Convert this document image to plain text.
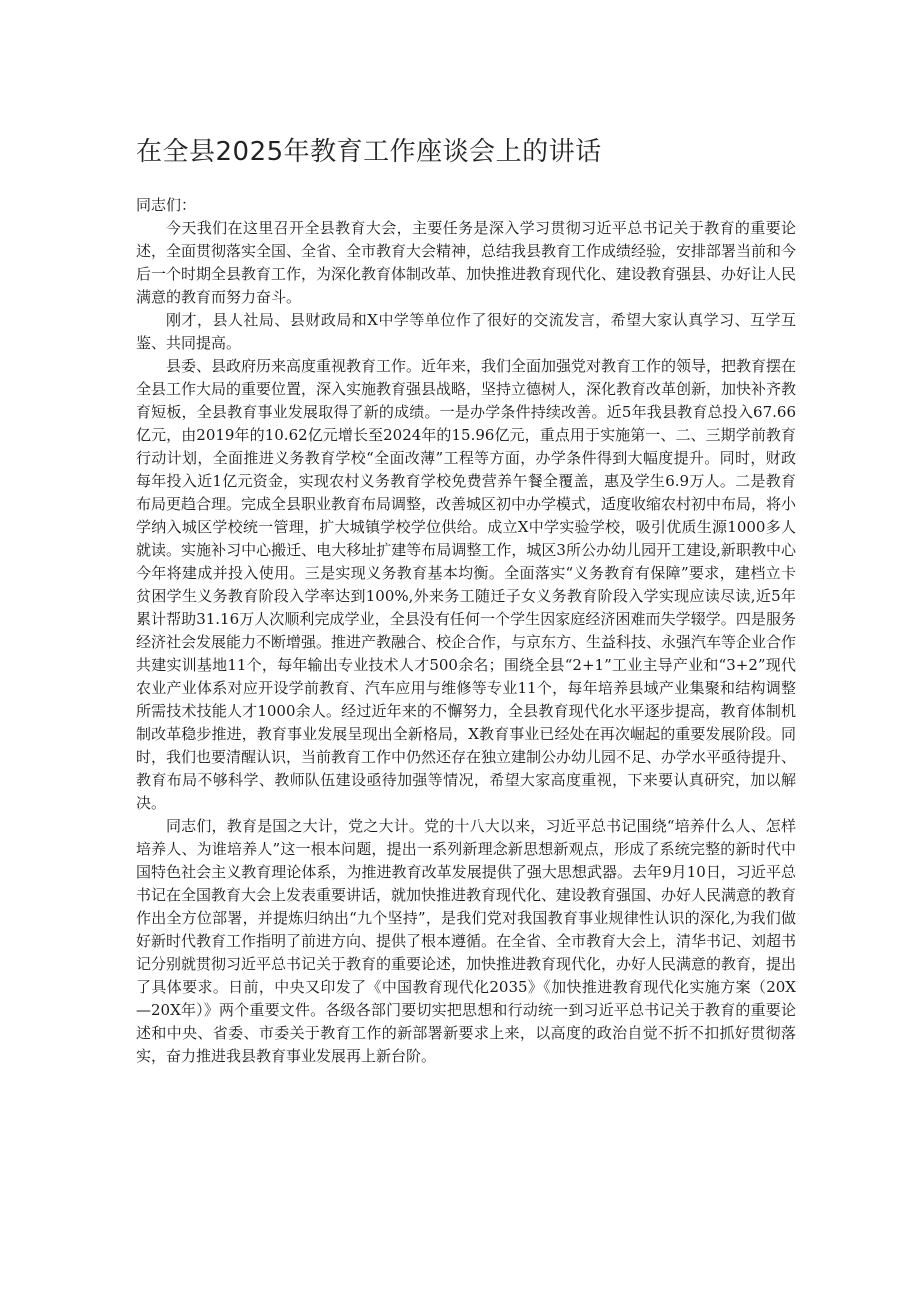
在全县2025年教育工作座谈会上的讲话

同志们：

今天我们在这里召开全县教育大会，主要任务是深入学习贯彻习近平总书记关于教育的重要论述，全面贯彻落实全国、全省、全市教育大会精神，总结我县教育工作成绩经验，安排部署当前和今后一个时期全县教育工作，为深化教育体制改革、加快推进教育现代化、建设教育强县、办好让人民满意的教育而努力奋斗。

刚才，县人社局、县财政局和X中学等单位作了很好的交流发言，希望大家认真学习、互学互鉴、共同提高。

县委、县政府历来高度重视教育工作。近年来，我们全面加强党对教育工作的领导，把教育摆在全县工作大局的重要位置，深入实施教育强县战略，坚持立德树人，深化教育改革创新，加快补齐教育短板，全县教育事业发展取得了新的成绩。一是办学条件持续改善。近5年我县教育总投入67.66亿元，由2019年的10.62亿元增长至2024年的15.96亿元，重点用于实施第一、二、三期学前教育行动计划，全面推进义务教育学校“全面改薄”工程等方面，办学条件得到大幅度提升。同时，财政每年投入近1亿元资金，实现农村义务教育学校免费营养午餐全覆盖，惠及学生6.9万人。二是教育布局更趋合理。完成全县职业教育布局调整，改善城区初中办学模式，适度收缩农村初中布局，将小学纳入城区学校统一管理，扩大城镇学校学位供给。成立X中学实验学校，吸引优质生源1000多人就读。实施补习中心搬迁、电大移址扩建等布局调整工作，城区3所公办幼儿园开工建设,新职教中心今年将建成并投入使用。三是实现义务教育基本均衡。全面落实“义务教育有保障”要求，建档立卡贫困学生义务教育阶段入学率达到100%,外来务工随迁子女义务教育阶段入学实现应读尽读,近5年累计帮助31.16万人次顺利完成学业，全县没有任何一个学生因家庭经济困难而失学辍学。四是服务经济社会发展能力不断增强。推进产教融合、校企合作，与京东方、生益科技、永强汽车等企业合作共建实训基地11个，每年输出专业技术人才500余名；围绕全县“2+1”工业主导产业和“3+2”现代农业产业体系对应开设学前教育、汽车应用与维修等专业11个，每年培养县域产业集聚和结构调整所需技术技能人才1000余人。经过近年来的不懈努力，全县教育现代化水平逐步提高，教育体制机制改革稳步推进，教育事业发展呈现出全新格局，X教育事业已经处在再次崛起的重要发展阶段。同时，我们也要清醒认识，当前教育工作中仍然还存在独立建制公办幼儿园不足、办学水平亟待提升、教育布局不够科学、教师队伍建设亟待加强等情况，希望大家高度重视，下来要认真研究，加以解决。

同志们，教育是国之大计，党之大计。党的十八大以来，习近平总书记围绕“培养什么人、怎样培养人、为谁培养人”这一根本问题，提出一系列新理念新思想新观点，形成了系统完整的新时代中国特色社会主义教育理论体系，为推进教育改革发展提供了强大思想武器。去年9月10日，习近平总书记在全国教育大会上发表重要讲话，就加快推进教育现代化、建设教育强国、办好人民满意的教育作出全方位部署，并提炼归纳出“九个坚持”，是我们党对我国教育事业规律性认识的深化,为我们做好新时代教育工作指明了前进方向、提供了根本遵循。在全省、全市教育大会上，清华书记、刘超书记分别就贯彻习近平总书记关于教育的重要论述，加快推进教育现代化，办好人民满意的教育，提出了具体要求。日前，中央又印发了《中国教育现代化2035》《加快推进教育现代化实施方案（20X—20X年）》两个重要文件。各级各部门要切实把思想和行动统一到习近平总书记关于教育的重要论述和中央、省委、市委关于教育工作的新部署新要求上来，以高度的政治自觉不折不扣抓好贯彻落实，奋力推进我县教育事业发展再上新台阶。
